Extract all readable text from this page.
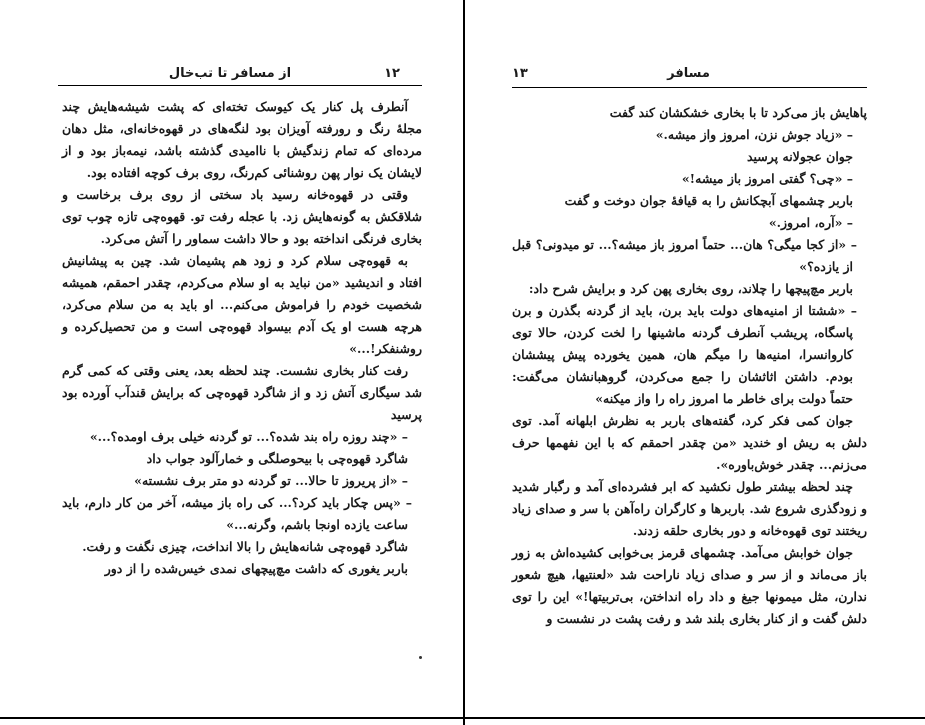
۱۲
از مسافر تا تب‌خال

آنطرف پل کنار یک کیوسک تخته‌ای که پشت شیشه‌هایش چند مجلهٔ رنگ‌ و رورفته آویزان بود لنگه‌های در قهوه‌خانه‌ای، مثل دهان مرده‌ای که تمام زندگیش با ناامیدی گذشته باشد، نیمه‌باز بود و از لایشان یک نوار پهن روشنائی کم‌رنگ، روی برف کوچه افتاده بود.

وقتی در قهوه‌خانه رسید باد سختی از روی برف برخاست و شلاقکش به گونه‌هایش زد. با عجله رفت تو. قهوه‌چی تازه چوب توی بخاری فرنگی انداخته بود و حالا داشت سماور را آتش می‌کرد.

به قهوه‌چی سلام کرد و زود هم پشیمان شد. چین به پیشانیش افتاد و اندیشید «من نباید به او سلام می‌کردم، چقدر احمقم، همیشه شخصیت خودم را فراموش می‌کنم... او باید به من سلام می‌کرد، هرچه هست او یک آدم بیسواد قهوه‌چی است و من تحصیل‌کرده و روشنفکر!...»

رفت کنار بخاری نشست. چند لحظه بعد، یعنی وقتی که کمی گرم شد سیگاری آتش زد و از شاگرد قهوه‌چی که برایش قندآب آورده بود پرسید

– «چند روزه راه بند شده؟... تو گردنه خیلی برف اومده؟...»

شاگرد قهوه‌چی با بیحوصلگی و خمارآلود جواب داد

– «از پریروز تا حالا... تو گردنه دو متر برف نشسته»

– «پس چکار باید کرد؟... کی راه باز میشه، آخر من کار دارم، باید ساعت یازده اونجا باشم، وگرنه...»

شاگرد قهوه‌چی شانه‌هایش را بالا انداخت، چیزی نگفت و رفت.

باربر یغوری که داشت مچ‌پیچهای نمدی خیس‌شده را از دور

۱۳	مسافر

پاهایش باز می‌کرد تا با بخاری خشکشان کند گفت

– «زیاد جوش نزن، امروز واز میشه.»

جوان عجولانه پرسید

– «چی؟ گفتی امروز باز میشه!»

باربر چشمهای آبچکانش را به قیافهٔ جوان دوخت و گفت

– «آره، امروز.»

– «از کجا میگی؟ هان... حتماً امروز باز میشه؟... تو میدونی؟ قبل از یازده؟»

باربر مچ‌پیچها را چلاند، روی بخاری پهن کرد و برایش شرح داد:

– «ششتا از امنیه‌های دولت باید برن، باید از گردنه بگذرن و برن پاسگاه، پریشب آنطرف گردنه ماشینها را لخت کردن، حالا توی کاروانسرا، امنیه‌ها را میگم هان، همین یخورده پیش پیششان بودم. داشتن اثاثشان را جمع می‌کردن، گروهبانشان می‌گفت: حتماً دولت برای خاطر ما امروز راه را واز میکنه»

جوان کمی فکر کرد، گفته‌های باربر به نظرش ابلهانه آمد. توی دلش به ریش او خندید «من چقدر احمقم که با این نفهمها حرف می‌زنم... چقدر خوش‌باوره».

چند لحظه بیشتر طول نکشید که ابر فشرده‌ای آمد و رگبار شدید و زودگذری شروع شد. باربرها و کارگران راه‌آهن با سر و صدای زیاد ریختند توی قهوه‌خانه و دور بخاری حلقه زدند.

جوان خوابش می‌آمد. چشمهای قرمز بی‌خوابی کشیده‌اش به زور باز می‌ماند و از سر و صدای زیاد ناراحت شد «لعنتیها، هیچ شعور ندارن، مثل میمونها جیغ و داد راه انداختن، بی‌تربیتها!» این را توی دلش گفت و از کنار بخاری بلند شد و رفت پشت در نشست و
